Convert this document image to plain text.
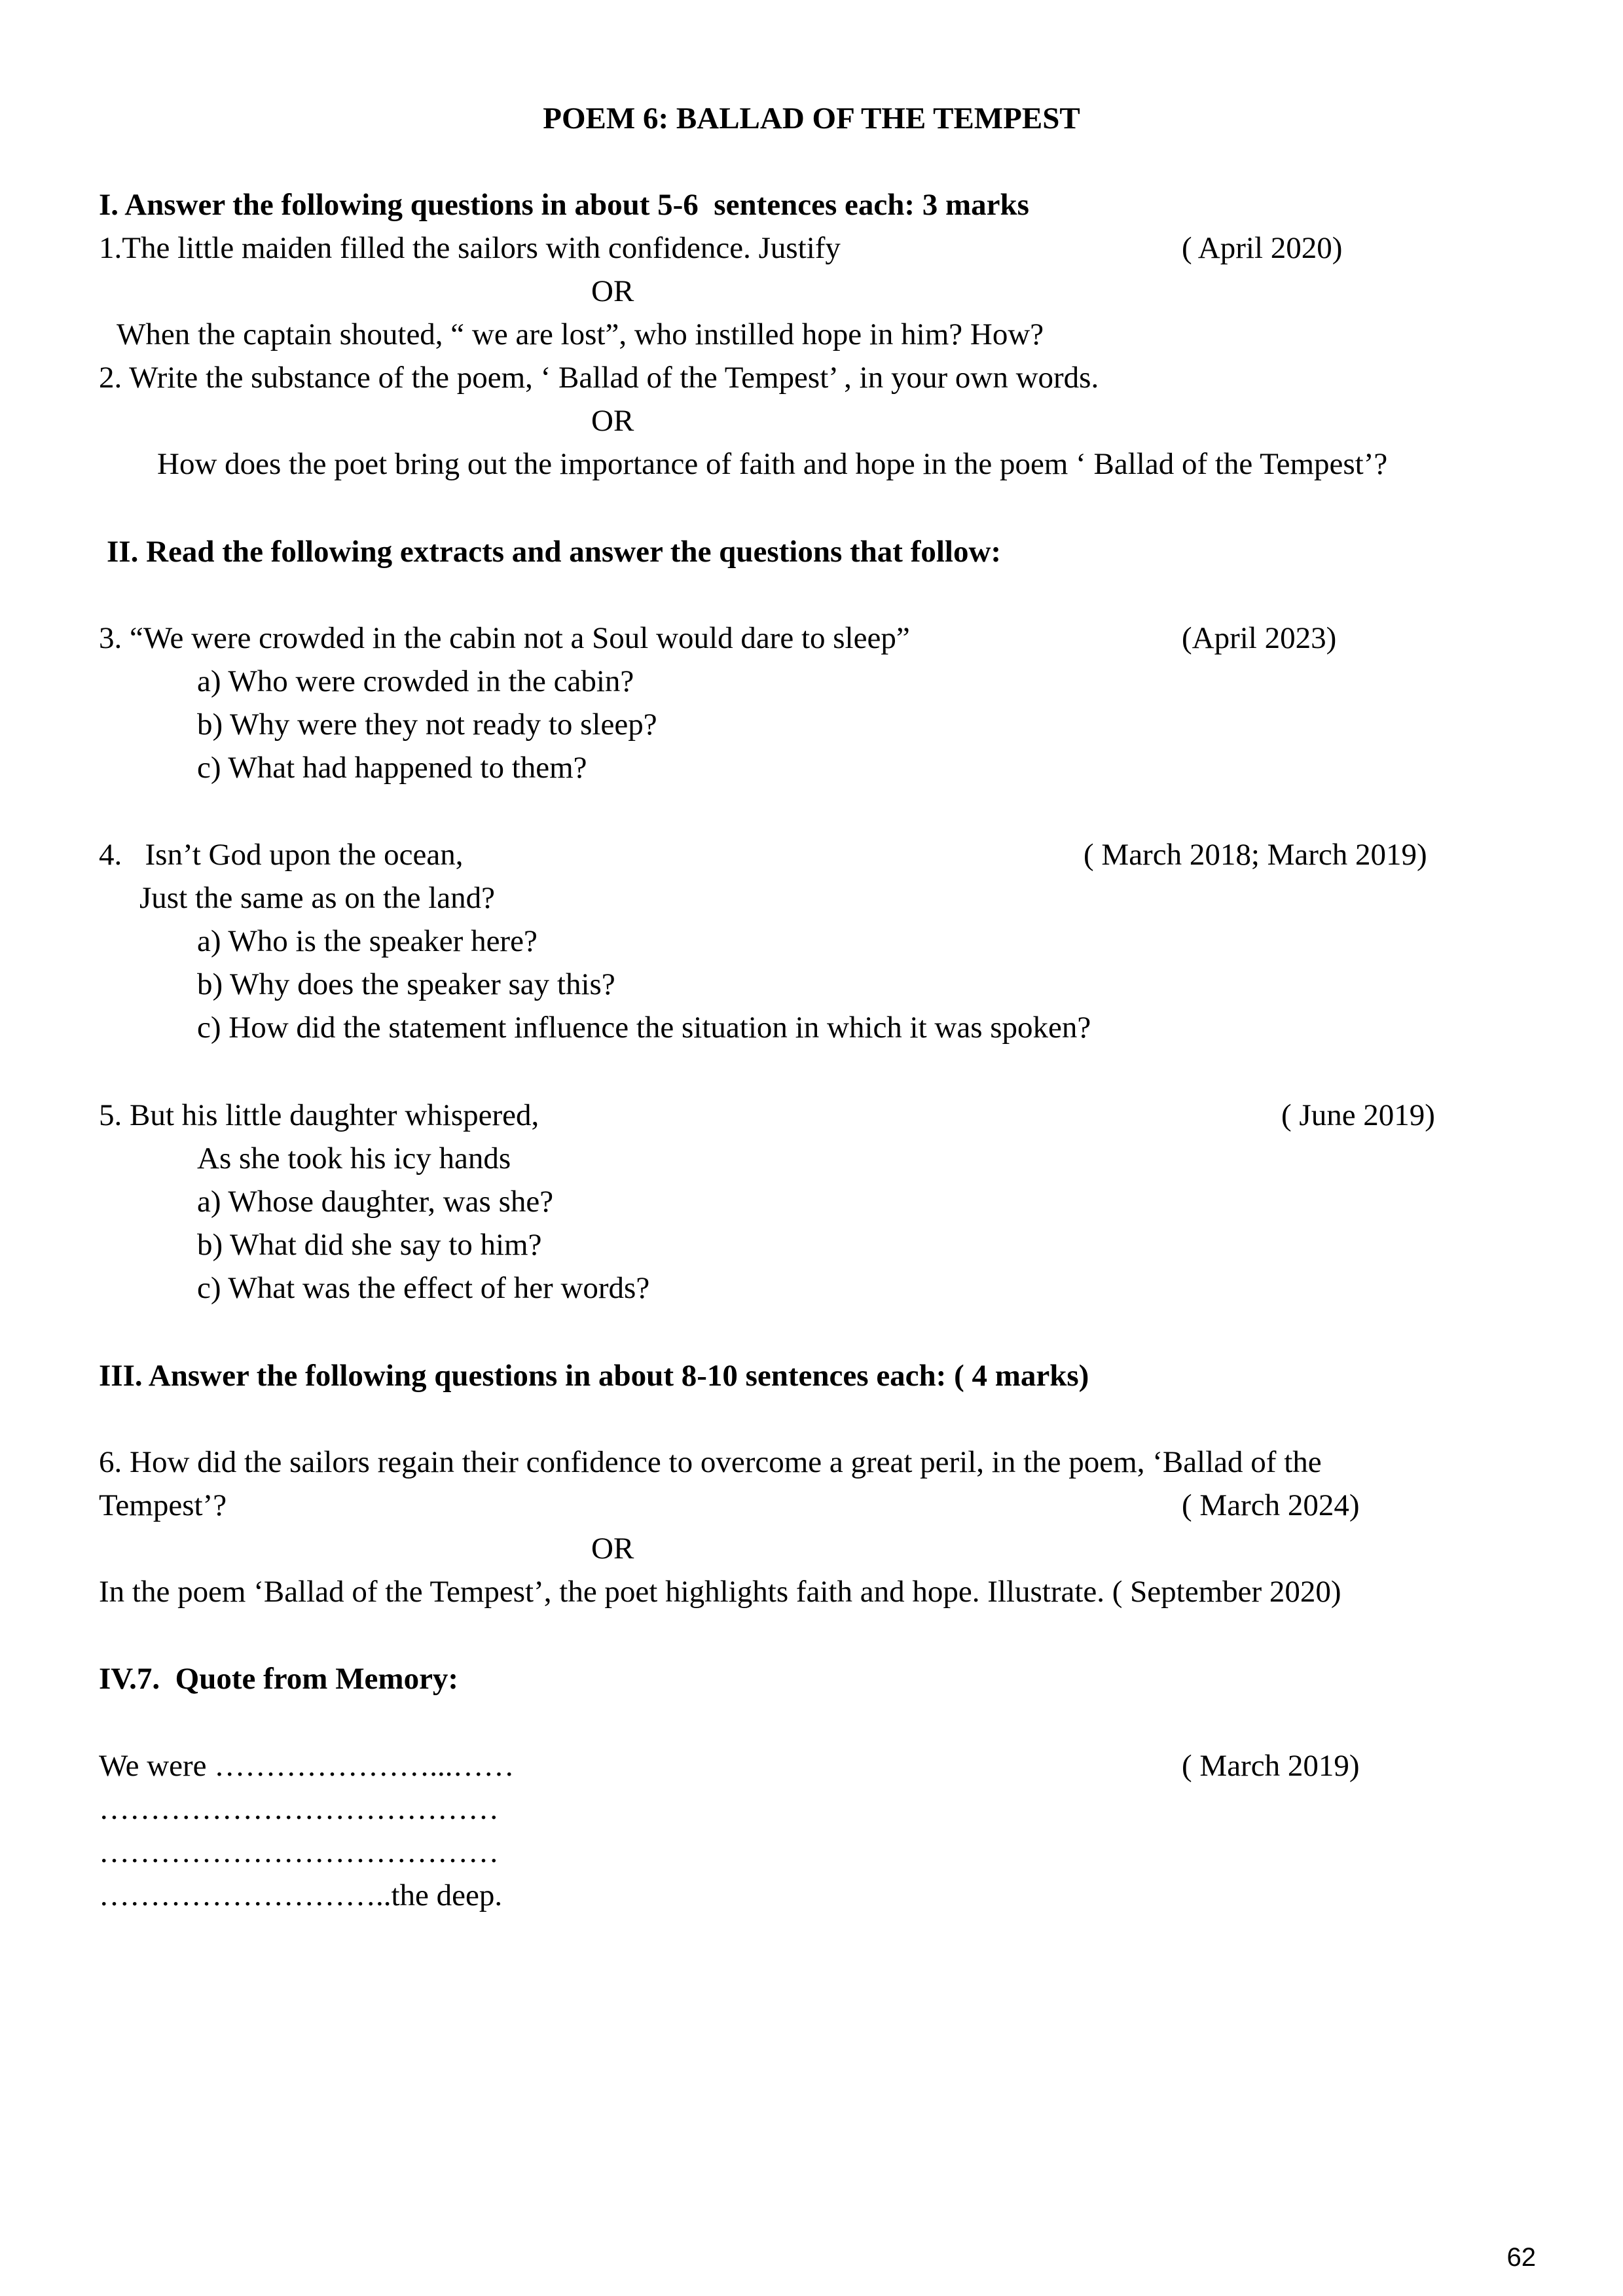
POEM 6: BALLAD OF THE TEMPEST
I. Answer the following questions in about 5-6  sentences each: 3 marks
1.The little maiden filled the sailors with confidence. Justify	( April 2020)
OR
When the captain shouted, “ we are lost”, who instilled hope in him? How?
2. Write the substance of the poem, ‘ Ballad of the Tempest’ , in your own words.
OR
How does the poet bring out the importance of faith and hope in the poem ‘ Ballad of the Tempest’?
II. Read the following extracts and answer the questions that follow:
3. “We were crowded in the cabin not a Soul would dare to sleep”	(April 2023)
a) Who were crowded in the cabin?
b) Why were they not ready to sleep?
c) What had happened to them?
4.   Isn’t God upon the ocean,	( March 2018; March 2019)
Just the same as on the land?
a) Who is the speaker here?
b) Why does the speaker say this?
c) How did the statement influence the situation in which it was spoken?
5. But his little daughter whispered,	( June 2019)
As she took his icy hands
a) Whose daughter, was she?
b) What did she say to him?
c) What was the effect of her words?
III. Answer the following questions in about 8-10 sentences each: ( 4 marks)
6. How did the sailors regain their confidence to overcome a great peril, in the poem, ‘Ballad of the
Tempest’?	( March 2024)
OR
In the poem ‘Ballad of the Tempest’, the poet highlights faith and hope. Illustrate. ( September 2020)
IV.7.  Quote from Memory:
We were …………………...……	( March 2019)
…………………………………
…………………………………
………………………..the deep.
62
